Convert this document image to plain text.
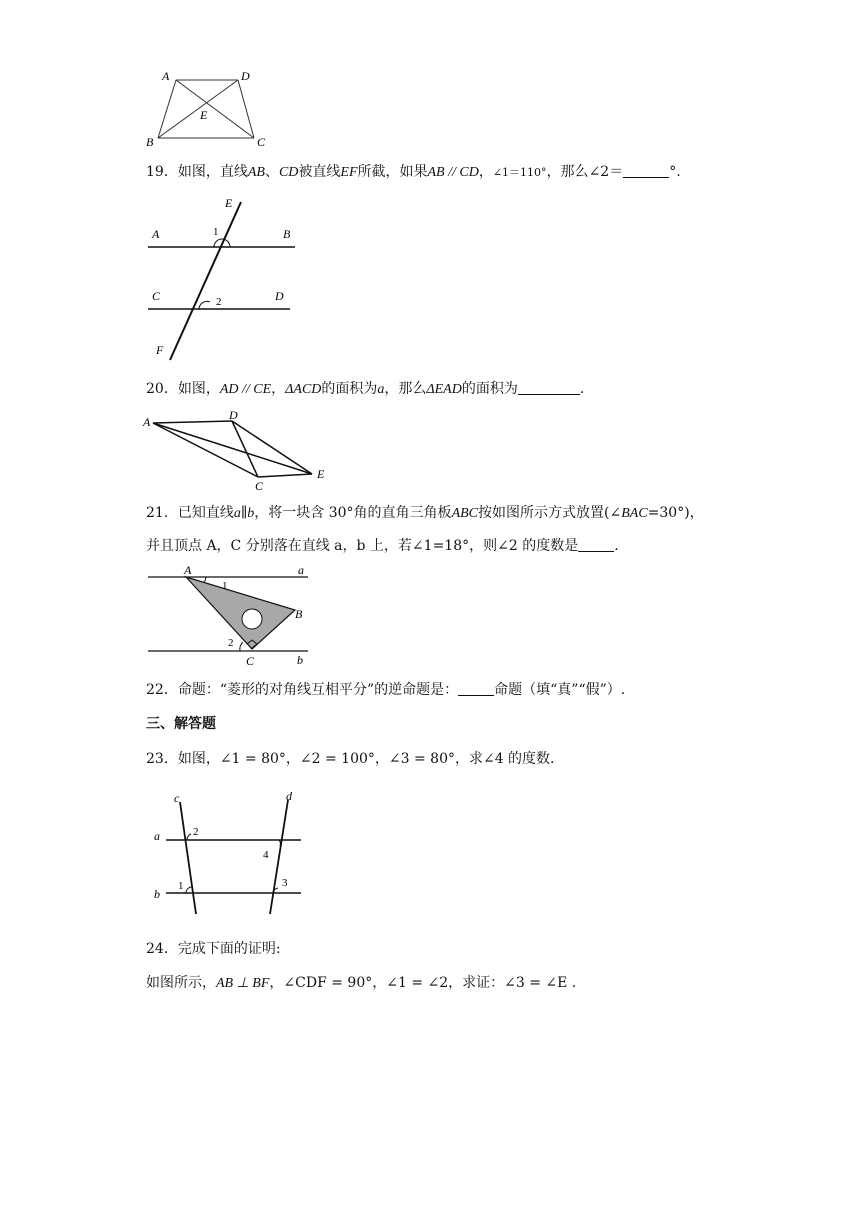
A	D
E
B	C
19．如图，直线AB、CD被直线EF所截，如果AB // CD，∠1＝110°，那么∠2＝	°.
E
A	B
C	D
F
1
2
20．如图，AD // CE，ΔACD的面积为a，那么ΔEAD的面积为	.
A	D
C
E
21．已知直线a∥b，将一块含 30°角的直角三角板ABC按如图所示方式放置(∠BAC=30°)，
并且顶点 A，C 分别落在直线 a，b 上，若∠1=18°，则∠2 的度数是	.
A
B
C
a
b
1
2
22．命题：“菱形的对角线互相平分”的逆命题是：	命题（填“真”“假”）.
三、解答题
23．如图，∠1 = 80°，∠2 = 100°，∠3 = 80°，求∠4 的度数.
c	d
a
b
1
2
3
4
24．完成下面的证明:
如图所示，AB ⊥ BF，∠CDF = 90°，∠1 = ∠2，求证：∠3 = ∠E .
